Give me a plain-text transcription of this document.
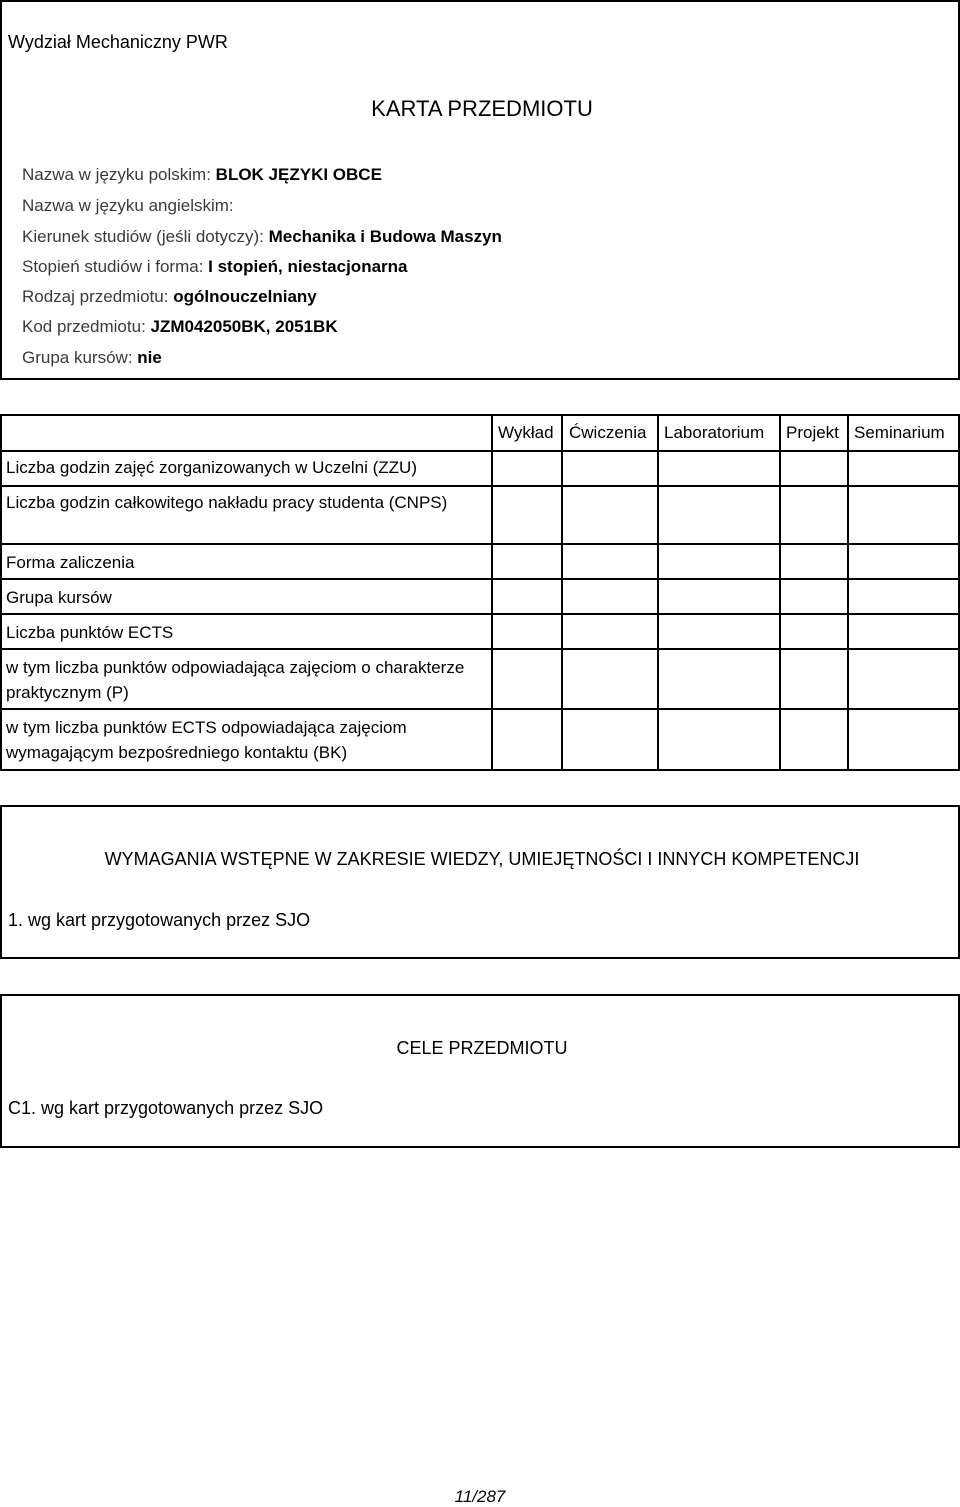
Wydział Mechaniczny PWR
KARTA PRZEDMIOTU
Nazwa w języku polskim: BLOK JĘZYKI OBCE
Nazwa w języku angielskim:
Kierunek studiów (jeśli dotyczy): Mechanika i Budowa Maszyn
Stopień studiów i forma: I stopień, niestacjonarna
Rodzaj przedmiotu: ogólnouczelniany
Kod przedmiotu: JZM042050BK, 2051BK
Grupa kursów: nie
Wykład Ćwiczenia Laboratorium Projekt Seminarium
Liczba godzin zajęć zorganizowanych w Uczelni (ZZU)
Liczba godzin całkowitego nakładu pracy studenta (CNPS)
Forma zaliczenia
Grupa kursów
Liczba punktów ECTS
w tym liczba punktów odpowiadająca zajęciom o charakterze praktycznym (P)
w tym liczba punktów ECTS odpowiadająca zajęciom wymagającym bezpośredniego kontaktu (BK)
WYMAGANIA WSTĘPNE W ZAKRESIE WIEDZY, UMIEJĘTNOŚCI I INNYCH KOMPETENCJI
1. wg kart przygotowanych przez SJO
CELE PRZEDMIOTU
C1. wg kart przygotowanych przez SJO
11/287
